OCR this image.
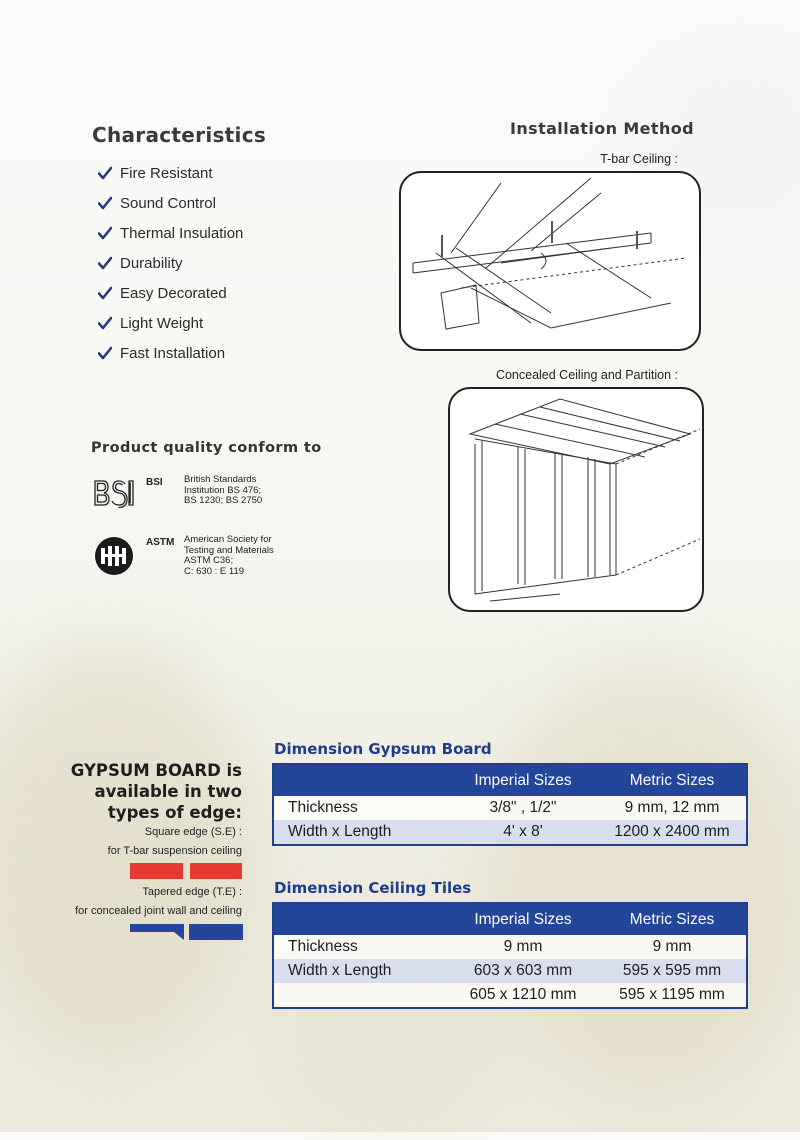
Characteristics
Fire Resistant
Sound Control
Thermal Insulation
Durability
Easy Decorated
Light Weight
Fast Installation
Product quality conform to
BSI	British Standards
Institution BS 476;
BS 1230; BS 2750
ASTM	American Society for
Testing and Materials
ASTM C36;
C: 630 : E 119
Installation Method
T-bar Ceiling :
Concealed Ceiling and Partition :
GYPSUM BOARD is
available in two
types of edge:
Square edge (S.E) :
for T-bar suspension ceiling
Tapered edge (T.E) :
for concealed joint wall and ceiling
Dimension Gypsum Board
	Imperial Sizes	Metric Sizes
Thickness	3/8" , 1/2"	9 mm, 12 mm
Width x Length	4' x 8'	1200 x 2400 mm
Dimension Ceiling Tiles
	Imperial Sizes	Metric Sizes
Thickness	9 mm	9 mm
Width x Length	603 x 603 mm	595 x 595 mm
	605 x 1210 mm	595 x 1195 mm
